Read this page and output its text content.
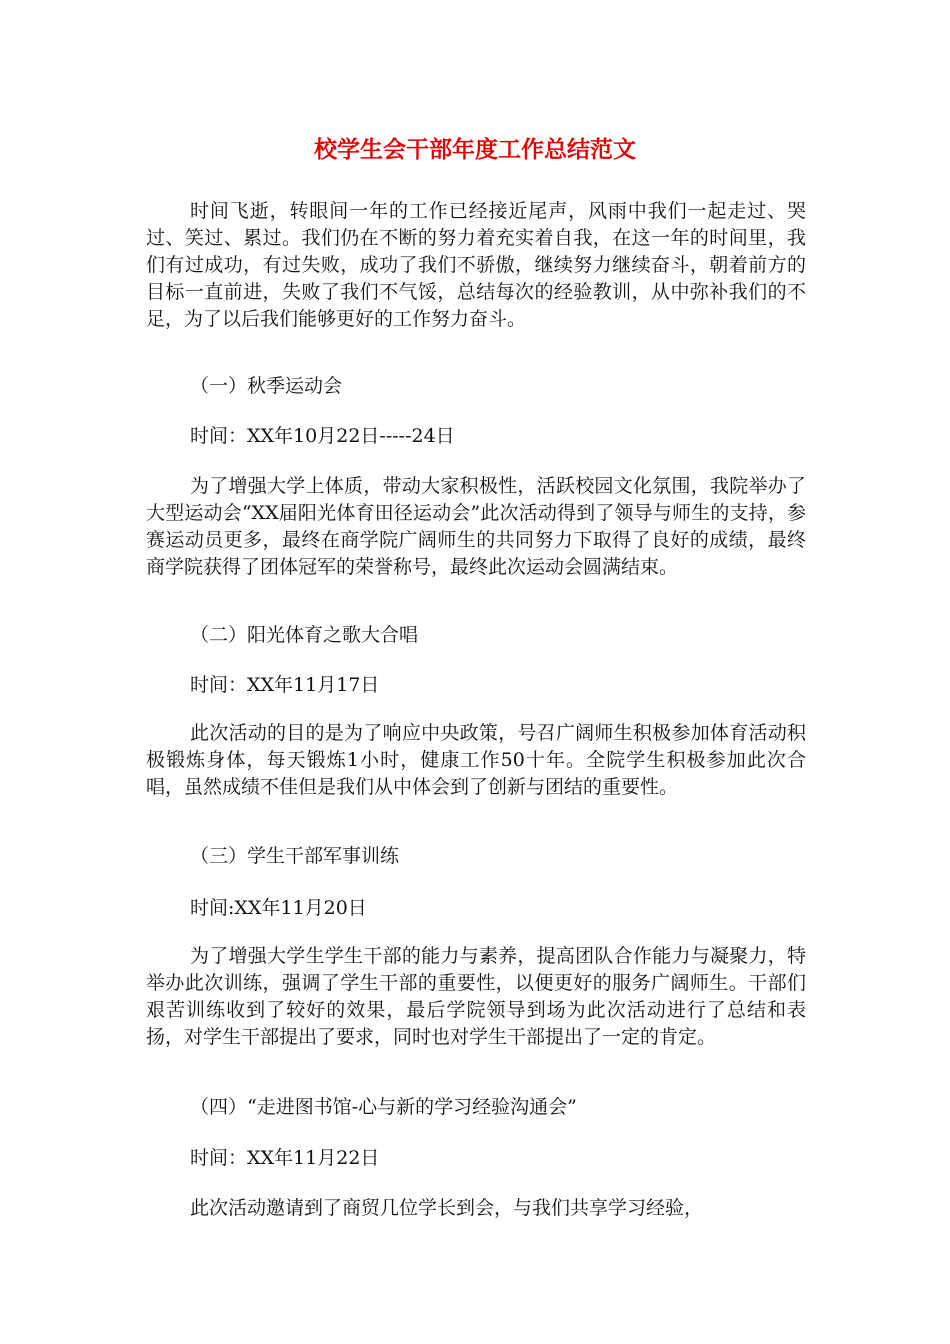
校学生会干部年度工作总结范文

时间飞逝，转眼间一年的工作已经接近尾声，风雨中我们一起走过、哭过、笑过、累过。我们仍在不断的努力着充实着自我，在这一年的时间里，我们有过成功，有过失败，成功了我们不骄傲，继续努力继续奋斗，朝着前方的目标一直前进，失败了我们不气馁，总结每次的经验教训，从中弥补我们的不足，为了以后我们能够更好的工作努力奋斗。

（一）秋季运动会

时间：XX年10月22日-----24日

为了增强大学上体质，带动大家积极性，活跃校园文化氛围，我院举办了大型运动会“XX届阳光体育田径运动会”此次活动得到了领导与师生的支持，参赛运动员更多，最终在商学院广阔师生的共同努力下取得了良好的成绩，最终商学院获得了团体冠军的荣誉称号，最终此次运动会圆满结束。

（二）阳光体育之歌大合唱

时间：XX年11月17日

此次活动的目的是为了响应中央政策，号召广阔师生积极参加体育活动积极锻炼身体，每天锻炼1小时，健康工作50十年。全院学生积极参加此次合唱，虽然成绩不佳但是我们从中体会到了创新与团结的重要性。

（三）学生干部军事训练

时间:XX年11月20日

为了增强大学生学生干部的能力与素养，提高团队合作能力与凝聚力，特举办此次训练，强调了学生干部的重要性，以便更好的服务广阔师生。干部们艰苦训练收到了较好的效果，最后学院领导到场为此次活动进行了总结和表扬，对学生干部提出了要求，同时也对学生干部提出了一定的肯定。

（四）“走进图书馆-心与新的学习经验沟通会”

时间：XX年11月22日

此次活动邀请到了商贸几位学长到会，与我们共享学习经验，
